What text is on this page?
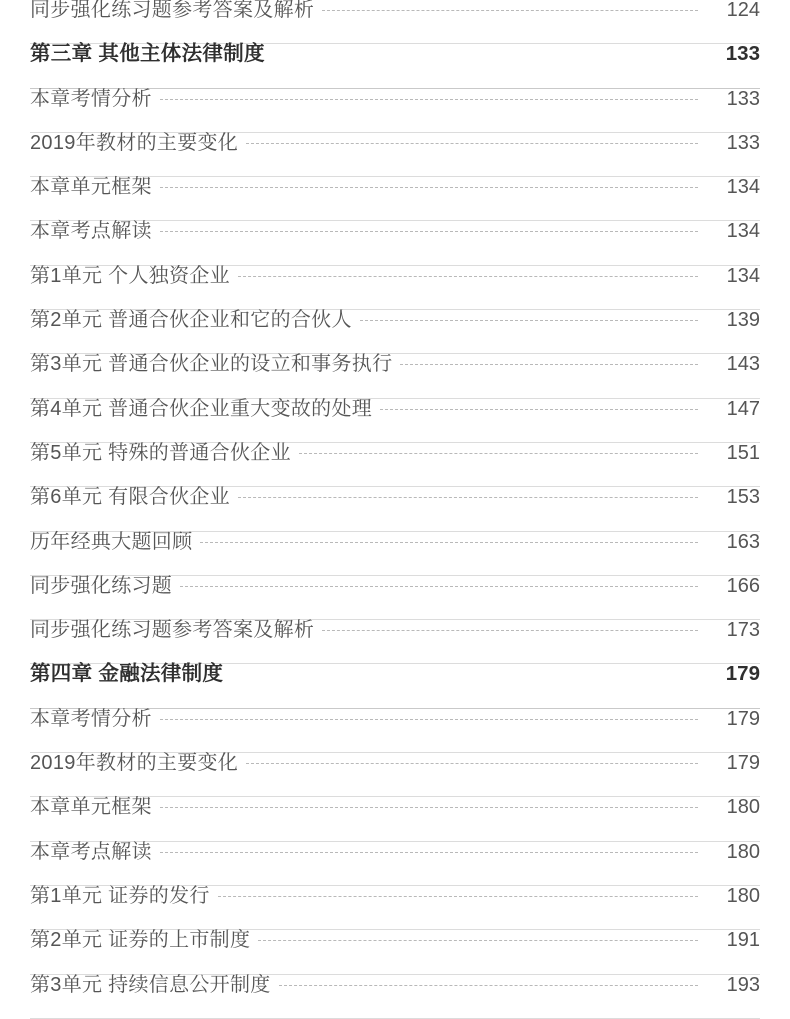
同步强化练习题参考答案及解析	124
第三章 其他主体法律制度	133
本章考情分析	133
2019年教材的主要变化	133
本章单元框架	134
本章考点解读	134
第1单元 个人独资企业	134
第2单元 普通合伙企业和它的合伙人	139
第3单元 普通合伙企业的设立和事务执行	143
第4单元 普通合伙企业重大变故的处理	147
第5单元 特殊的普通合伙企业	151
第6单元 有限合伙企业	153
历年经典大题回顾	163
同步强化练习题	166
同步强化练习题参考答案及解析	173
第四章 金融法律制度	179
本章考情分析	179
2019年教材的主要变化	179
本章单元框架	180
本章考点解读	180
第1单元 证券的发行	180
第2单元 证券的上市制度	191
第3单元 持续信息公开制度	193
